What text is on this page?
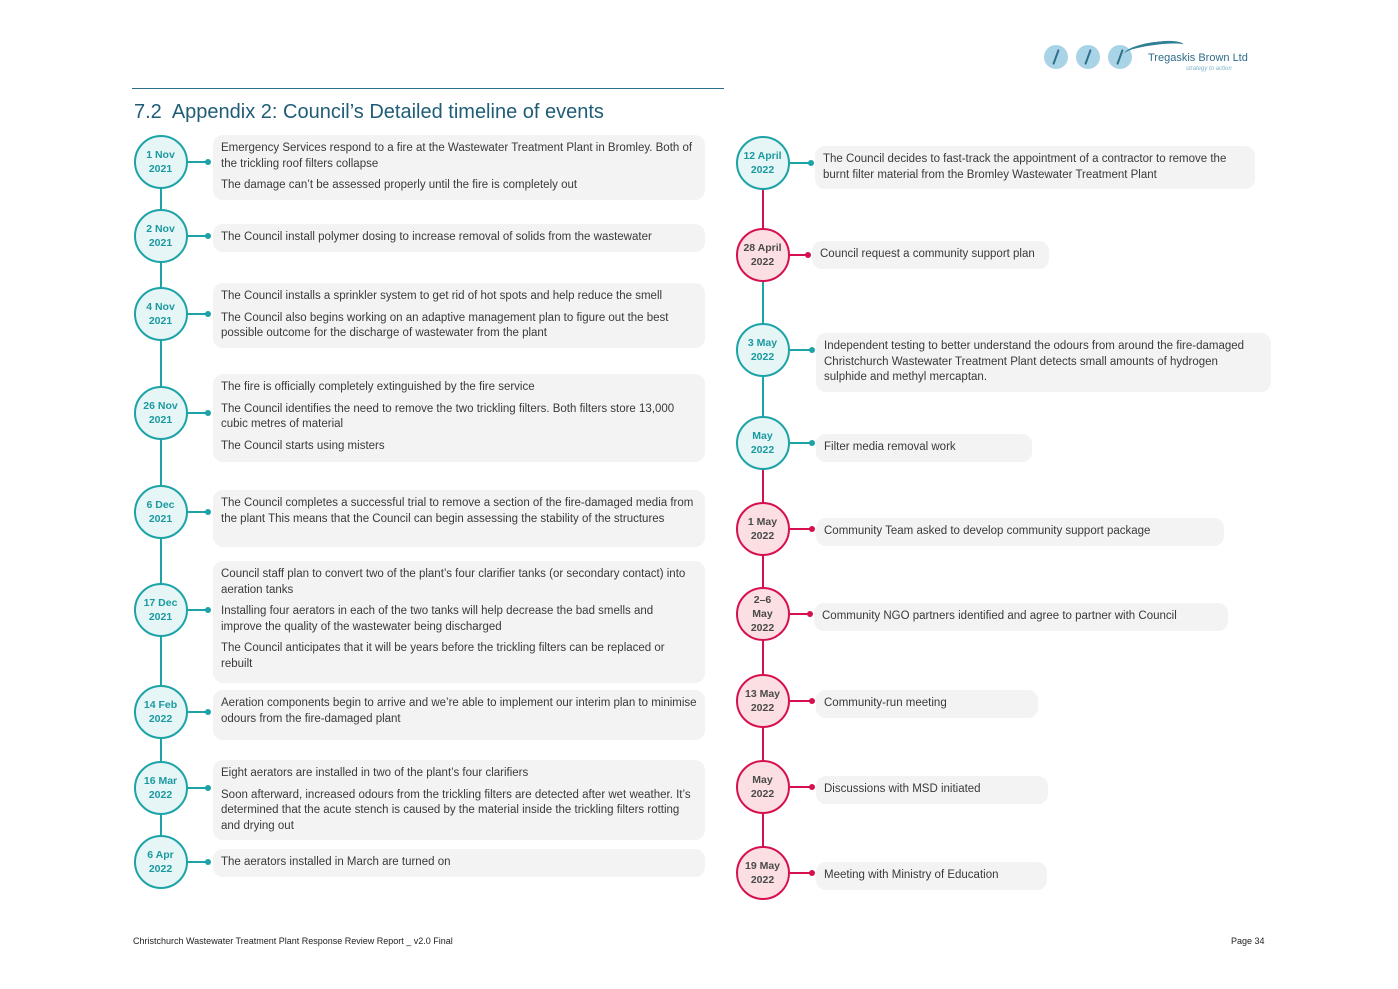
Tregaskis Brown Ltd
strategy to action
7.2 Appendix 2: Council’s Detailed timeline of events

Emergency Services respond to a fire at the Wastewater Treatment Plant in Bromley. Both of the trickling roof filters collapse

The damage can’t be assessed properly until the fire is completely out

1 Nov
2021

The Council install polymer dosing to increase removal of solids from the wastewater

2 Nov
2021

The Council installs a sprinkler system to get rid of hot spots and help reduce the smell

The Council also begins working on an adaptive management plan to figure out the best possible outcome for the discharge of wastewater from the plant

4 Nov
2021

The fire is officially completely extinguished by the fire service

The Council identifies the need to remove the two trickling filters. Both filters store 13,000 cubic metres of material

The Council starts using misters

26 Nov
2021

The Council completes a successful trial to remove a section of the fire-damaged media from the plant This means that the Council can begin assessing the stability of the structures

6 Dec
2021

Council staff plan to convert two of the plant’s four clarifier tanks (or secondary contact) into aeration tanks

Installing four aerators in each of the two tanks will help decrease the bad smells and improve the quality of the wastewater being discharged

The Council anticipates that it will be years before the trickling filters can be replaced or rebuilt

17 Dec
2021

Aeration components begin to arrive and we’re able to implement our interim plan to minimise odours from the fire-damaged plant

14 Feb
2022

Eight aerators are installed in two of the plant’s four clarifiers

Soon afterward, increased odours from the trickling filters are detected after wet weather. It’s determined that the acute stench is caused by the material inside the trickling filters rotting and drying out

16 Mar
2022

The aerators installed in March are turned on

6 Apr
2022

The Council decides to fast-track the appointment of a contractor to remove the burnt filter material from the Bromley Wastewater Treatment Plant

12 April
2022

Council request a community support plan

28 April
2022

Independent testing to better understand the odours from around the fire-damaged Christchurch Wastewater Treatment Plant detects small amounts of hydrogen sulphide and methyl mercaptan.

3 May
2022

Filter media removal work

May
2022

Community Team asked to develop community support package

1 May
2022

Community NGO partners identified and agree to partner with Council

2–6
May
2022

Community-run meeting

13 May
2022

Discussions with MSD initiated

May
2022

Meeting with Ministry of Education

19 May
2022
Christchurch Wastewater Treatment Plant Response Review Report _ v2.0 Final	Page 34
